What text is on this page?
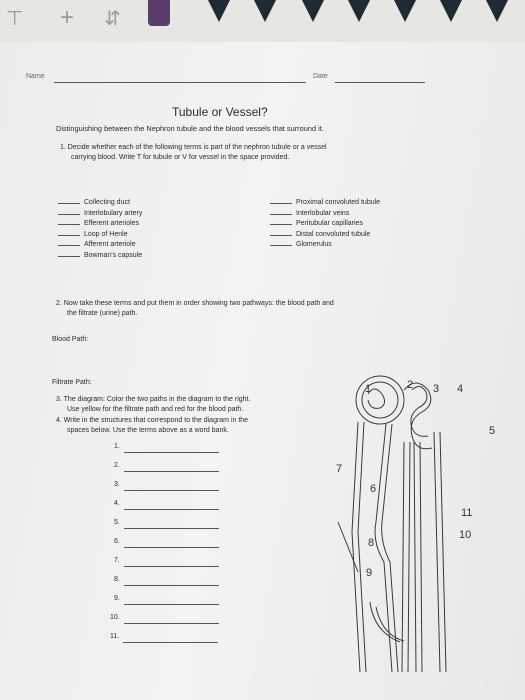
⊤ + ⇵
Name	Date
Tubule or Vessel?
Distinguishing between the Nephron tubule and the blood vessels that surround it.
1. Decide whether each of the following terms is part of the nephron tubule or a vessel
carrying blood. Write T for tubule or V for vessel in the space provided.
Collecting duct
Interlobulary artery
Efferent arterioles
Loop of Henle
Afferent arteriole
Bowman's capsule
Proximal convoluted tubule
Interlobular veins
Peritubular capillaries
Distal convoluted tubule
Glomerulus
2. Now take these terms and put them in order showing two pathways: the blood path and
the filtrate (urine) path.
Blood Path:
Filtrate Path:
3. The diagram: Color the two paths in the diagram to the right.
Use yellow for the filtrate path and red for the blood path.
4. Write in the structures that correspond to the diagram in the
spaces below. Use the terms above as a word bank.
1.
2.
3.
4.
5.
6.
7.
8.
9.
10.
11.
1	2 3 4
5
6
7
8
9
10
11
